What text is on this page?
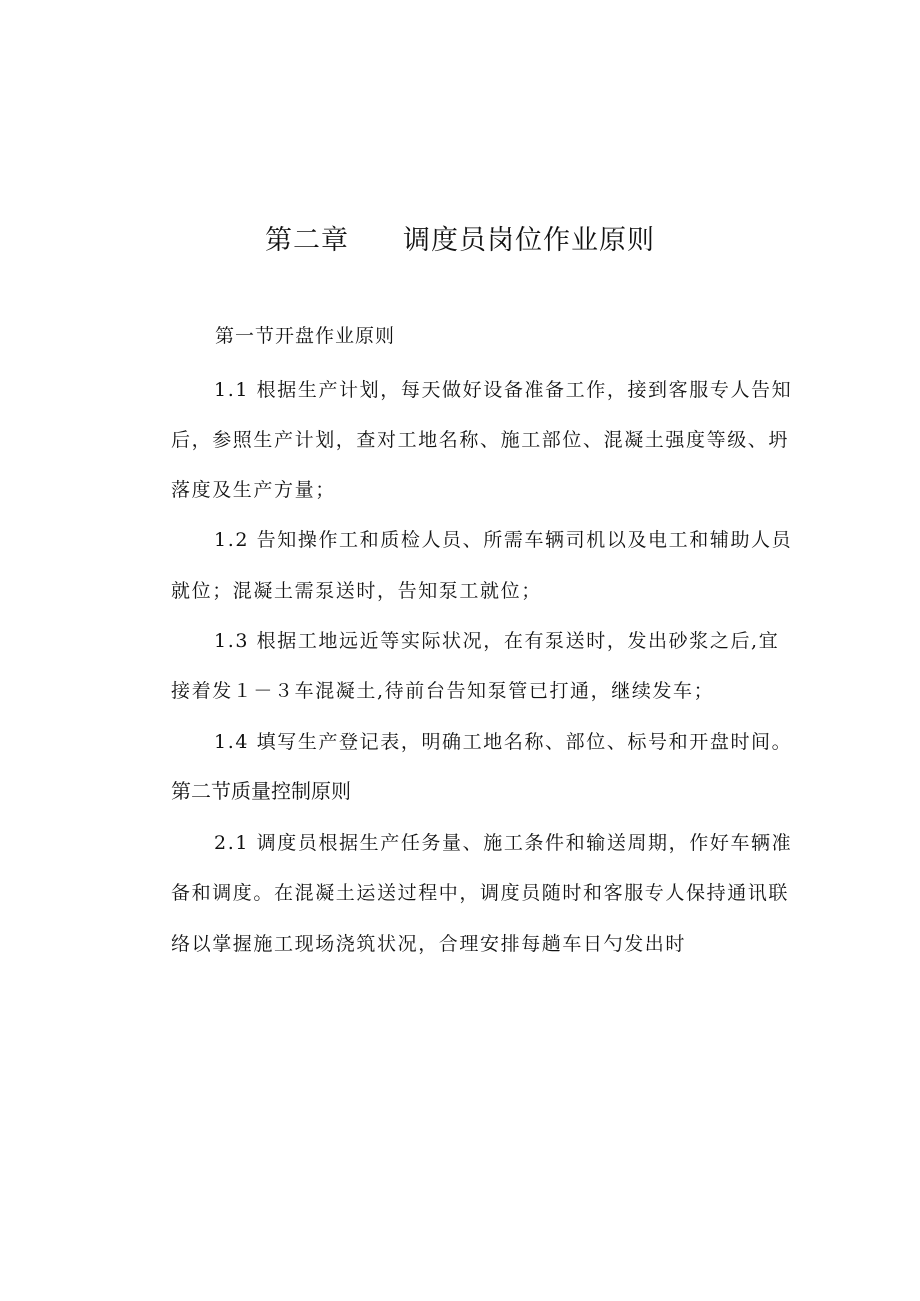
第二章 调度员岗位作业原则
第一节开盘作业原则
1.1 根据生产计划，每天做好设备准备工作，接到客服专人告知
后，参照生产计划，查对工地名称、施工部位、混凝土强度等级、坍
落度及生产方量；
1.2 告知操作工和质检人员、所需车辆司机以及电工和辅助人员
就位；混凝土需泵送时，告知泵工就位；
1.3 根据工地远近等实际状况，在有泵送时，发出砂浆之后,宜
接着发１－３车混凝土,待前台告知泵管已打通，继续发车；
1.4 填写生产登记表，明确工地名称、部位、标号和开盘时间。
第二节质量控制原则
2.1 调度员根据生产任务量、施工条件和输送周期，作好车辆准
备和调度。在混凝土运送过程中，调度员随时和客服专人保持通讯联
络以掌握施工现场浇筑状况，合理安排每趟车日勺发出时
